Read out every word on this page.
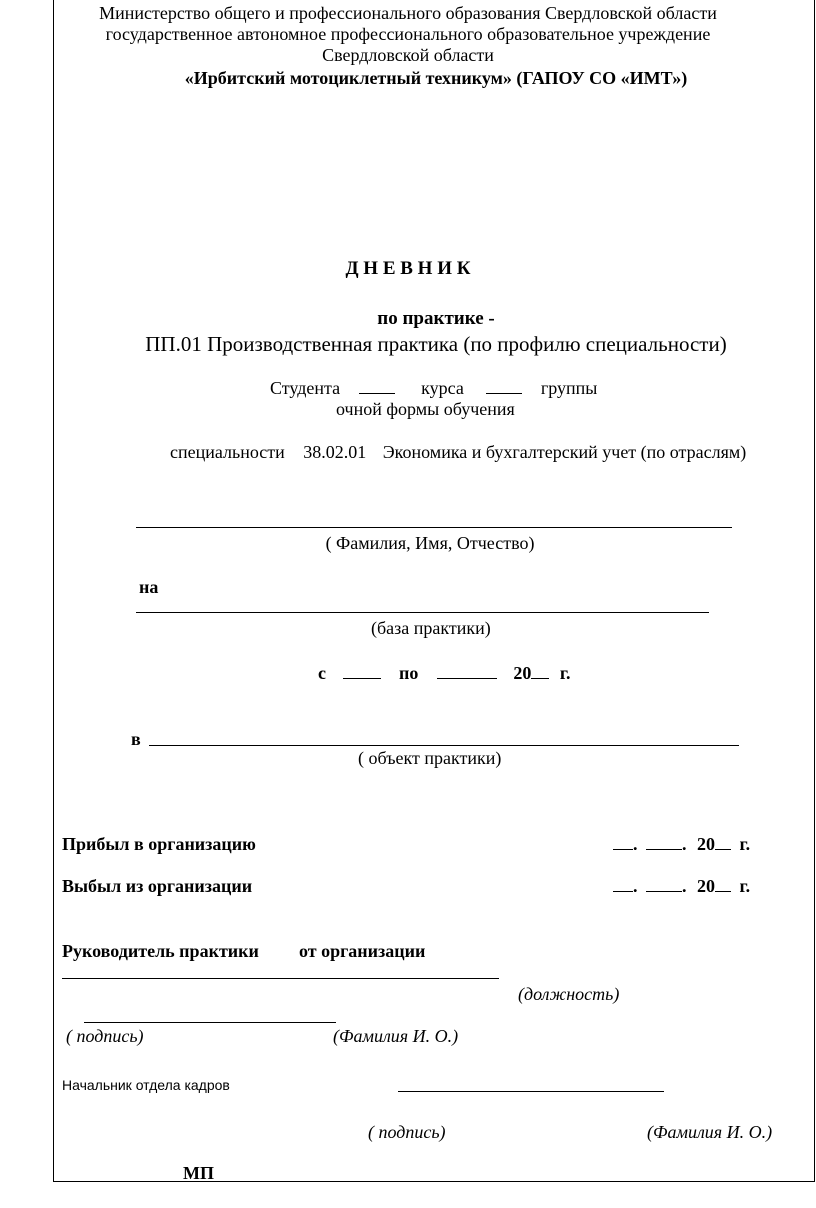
Министерство общего и профессионального образования Свердловской области
государственное автономное профессионального образовательное учреждение
Свердловской области
«Ирбитский мотоциклетный техникум» (ГАПОУ СО «ИМТ»)
Д Н Е В Н И К
по практике -
ПП.01 Производственная практика (по профилю специальности)
Студента	курса	группы
очной формы обучения
специальности 38.02.01 Экономика и бухгалтерский учет (по отраслям)
( Фамилия, Имя, Отчество)
на
(база практики)
с	по	20 г.
в
( объект практики)
Прибыл в организацию	. . 20 г.
Выбыл из организации	. . 20 г.
Руководитель практики от организации
(должность)
( подпись)	(Фамилия И. О.)
Начальник отдела кадров
( подпись)	(Фамилия И. О.)
МП
